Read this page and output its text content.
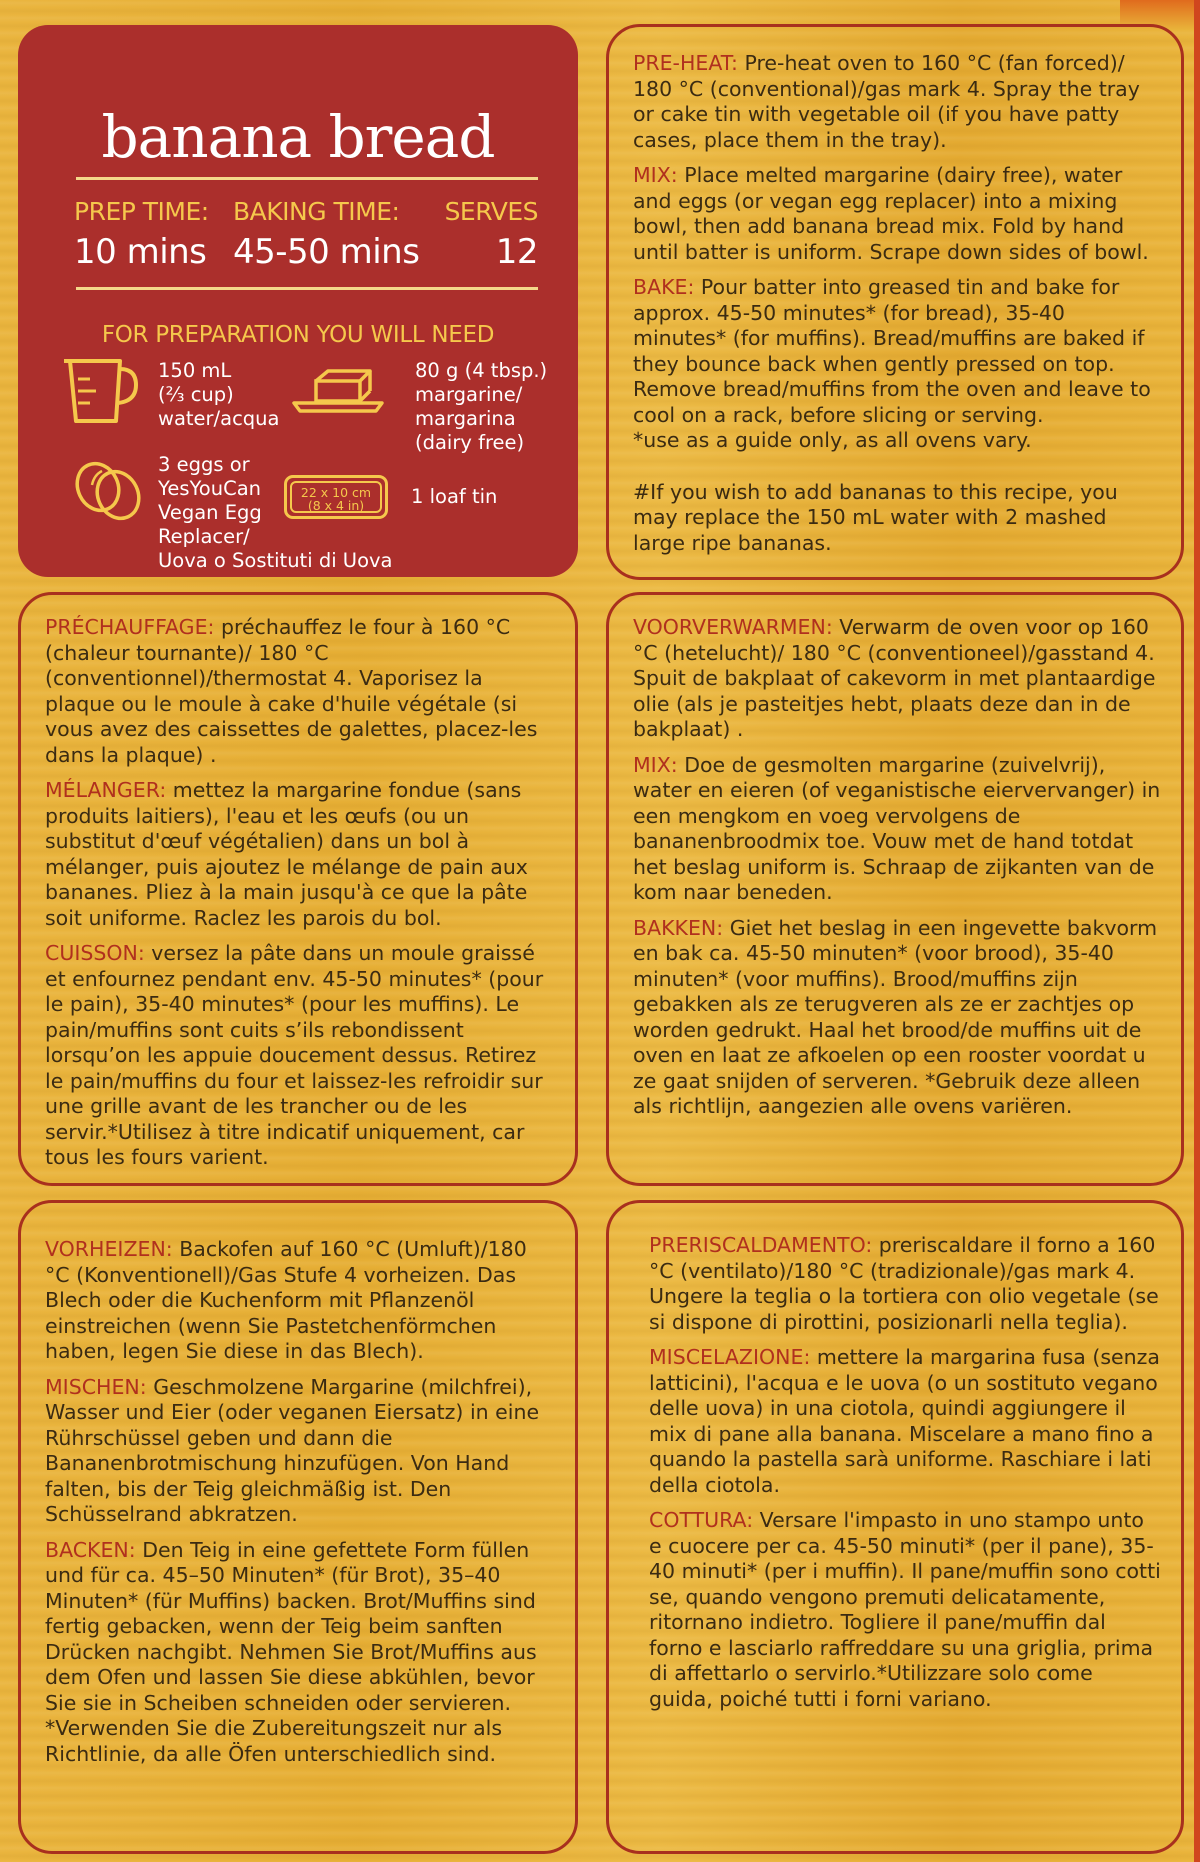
banana bread
PREP TIME:
10 mins
BAKING TIME:
45-50 mins
SERVES
12
FOR PREPARATION YOU WILL NEED
150 mL
(⅔ cup)
water/acqua
80 g (4 tbsp.)
margarine/
margarina
(dairy free)
3 eggs or
YesYouCan
Vegan Egg
Replacer/
Uova o Sostituti di Uova
22 x 10 cm
(8 x 4 in)	1 loaf tin

PRE-HEAT: Pre-heat oven to 160 °C (fan forced)/ 180 °C (conventional)/gas mark 4. Spray the tray or cake tin with vegetable oil (if you have patty cases, place them in the tray).

MIX: Place melted margarine (dairy free), water and eggs (or vegan egg replacer) into a mixing bowl, then add banana bread mix. Fold by hand until batter is uniform. Scrape down sides of bowl.

BAKE: Pour batter into greased tin and bake for approx. 45-50 minutes* (for bread), 35-40 minutes* (for muffins). Bread/muffins are baked if they bounce back when gently pressed on top. Remove bread/muffins from the oven and leave to cool on a rack, before slicing or serving.

*use as a guide only, as all ovens vary.

#If you wish to add bananas to this recipe, you may replace the 150 mL water with 2 mashed large ripe bananas.

PRÉCHAUFFAGE: préchauffez le four à 160 °C (chaleur tournante)/ 180 °C (conventionnel)/thermostat 4. Vaporisez la plaque ou le moule à cake d'huile végétale (si vous avez des caissettes de galettes, placez-les dans la plaque) .

MÉLANGER: mettez la margarine fondue (sans produits laitiers), l'eau et les œufs (ou un substitut d'œuf végétalien) dans un bol à mélanger, puis ajoutez le mélange de pain aux bananes. Pliez à la main jusqu'à ce que la pâte soit uniforme. Raclez les parois du bol.

CUISSON: versez la pâte dans un moule graissé et enfournez pendant env. 45-50 minutes* (pour le pain), 35-40 minutes* (pour les muffins). Le pain/muffins sont cuits s’ils rebondissent lorsqu’on les appuie doucement dessus. Retirez le pain/muffins du four et laissez-les refroidir sur une grille avant de les trancher ou de les servir.*Utilisez à titre indicatif uniquement, car tous les fours varient.

VOORVERWARMEN: Verwarm de oven voor op 160 °C (hetelucht)/ 180 °C (conventioneel)/gasstand 4. Spuit de bakplaat of cakevorm in met plantaardige olie (als je pasteitjes hebt, plaats deze dan in de bakplaat) .

MIX: Doe de gesmolten margarine (zuivelvrij), water en eieren (of veganistische eiervervanger) in een mengkom en voeg vervolgens de bananenbroodmix toe. Vouw met de hand totdat het beslag uniform is. Schraap de zijkanten van de kom naar beneden.

BAKKEN: Giet het beslag in een ingevette bakvorm en bak ca. 45-50 minuten* (voor brood), 35-40 minuten* (voor muffins). Brood/muffins zijn gebakken als ze terugveren als ze er zachtjes op worden gedrukt. Haal het brood/de muffins uit de oven en laat ze afkoelen op een rooster voordat u ze gaat snijden of serveren. *Gebruik deze alleen als richtlijn, aangezien alle ovens variëren.

VORHEIZEN: Backofen auf 160 °C (Umluft)/180 °C (Konventionell)/Gas Stufe 4 vorheizen. Das Blech oder die Kuchenform mit Pflanzenöl einstreichen (wenn Sie Pastetchenförmchen haben, legen Sie diese in das Blech).

MISCHEN: Geschmolzene Margarine (milchfrei), Wasser und Eier (oder veganen Eiersatz) in eine Rührschüssel geben und dann die Bananenbrotmischung hinzufügen. Von Hand falten, bis der Teig gleichmäßig ist. Den Schüsselrand abkratzen.

BACKEN: Den Teig in eine gefettete Form füllen und für ca. 45–50 Minuten* (für Brot), 35–40 Minuten* (für Muffins) backen. Brot/Muffins sind fertig gebacken, wenn der Teig beim sanften Drücken nachgibt. Nehmen Sie Brot/Muffins aus dem Ofen und lassen Sie diese abkühlen, bevor Sie sie in Scheiben schneiden oder servieren. *Verwenden Sie die Zubereitungszeit nur als Richtlinie, da alle Öfen unterschiedlich sind.

PRERISCALDAMENTO: preriscaldare il forno a 160 °C (ventilato)/180 °C (tradizionale)/gas mark 4. Ungere la teglia o la tortiera con olio vegetale (se si dispone di pirottini, posizionarli nella teglia).

MISCELAZIONE: mettere la margarina fusa (senza latticini), l'acqua e le uova (o un sostituto vegano delle uova) in una ciotola, quindi aggiungere il mix di pane alla banana. Miscelare a mano fino a quando la pastella sarà uniforme. Raschiare i lati della ciotola.

COTTURA: Versare l'impasto in uno stampo unto e cuocere per ca. 45-50 minuti* (per il pane), 35-40 minuti* (per i muffin). Il pane/muffin sono cotti se, quando vengono premuti delicatamente, ritornano indietro. Togliere il pane/muffin dal forno e lasciarlo raffreddare su una griglia, prima di affettarlo o servirlo.*Utilizzare solo come guida, poiché tutti i forni variano.
